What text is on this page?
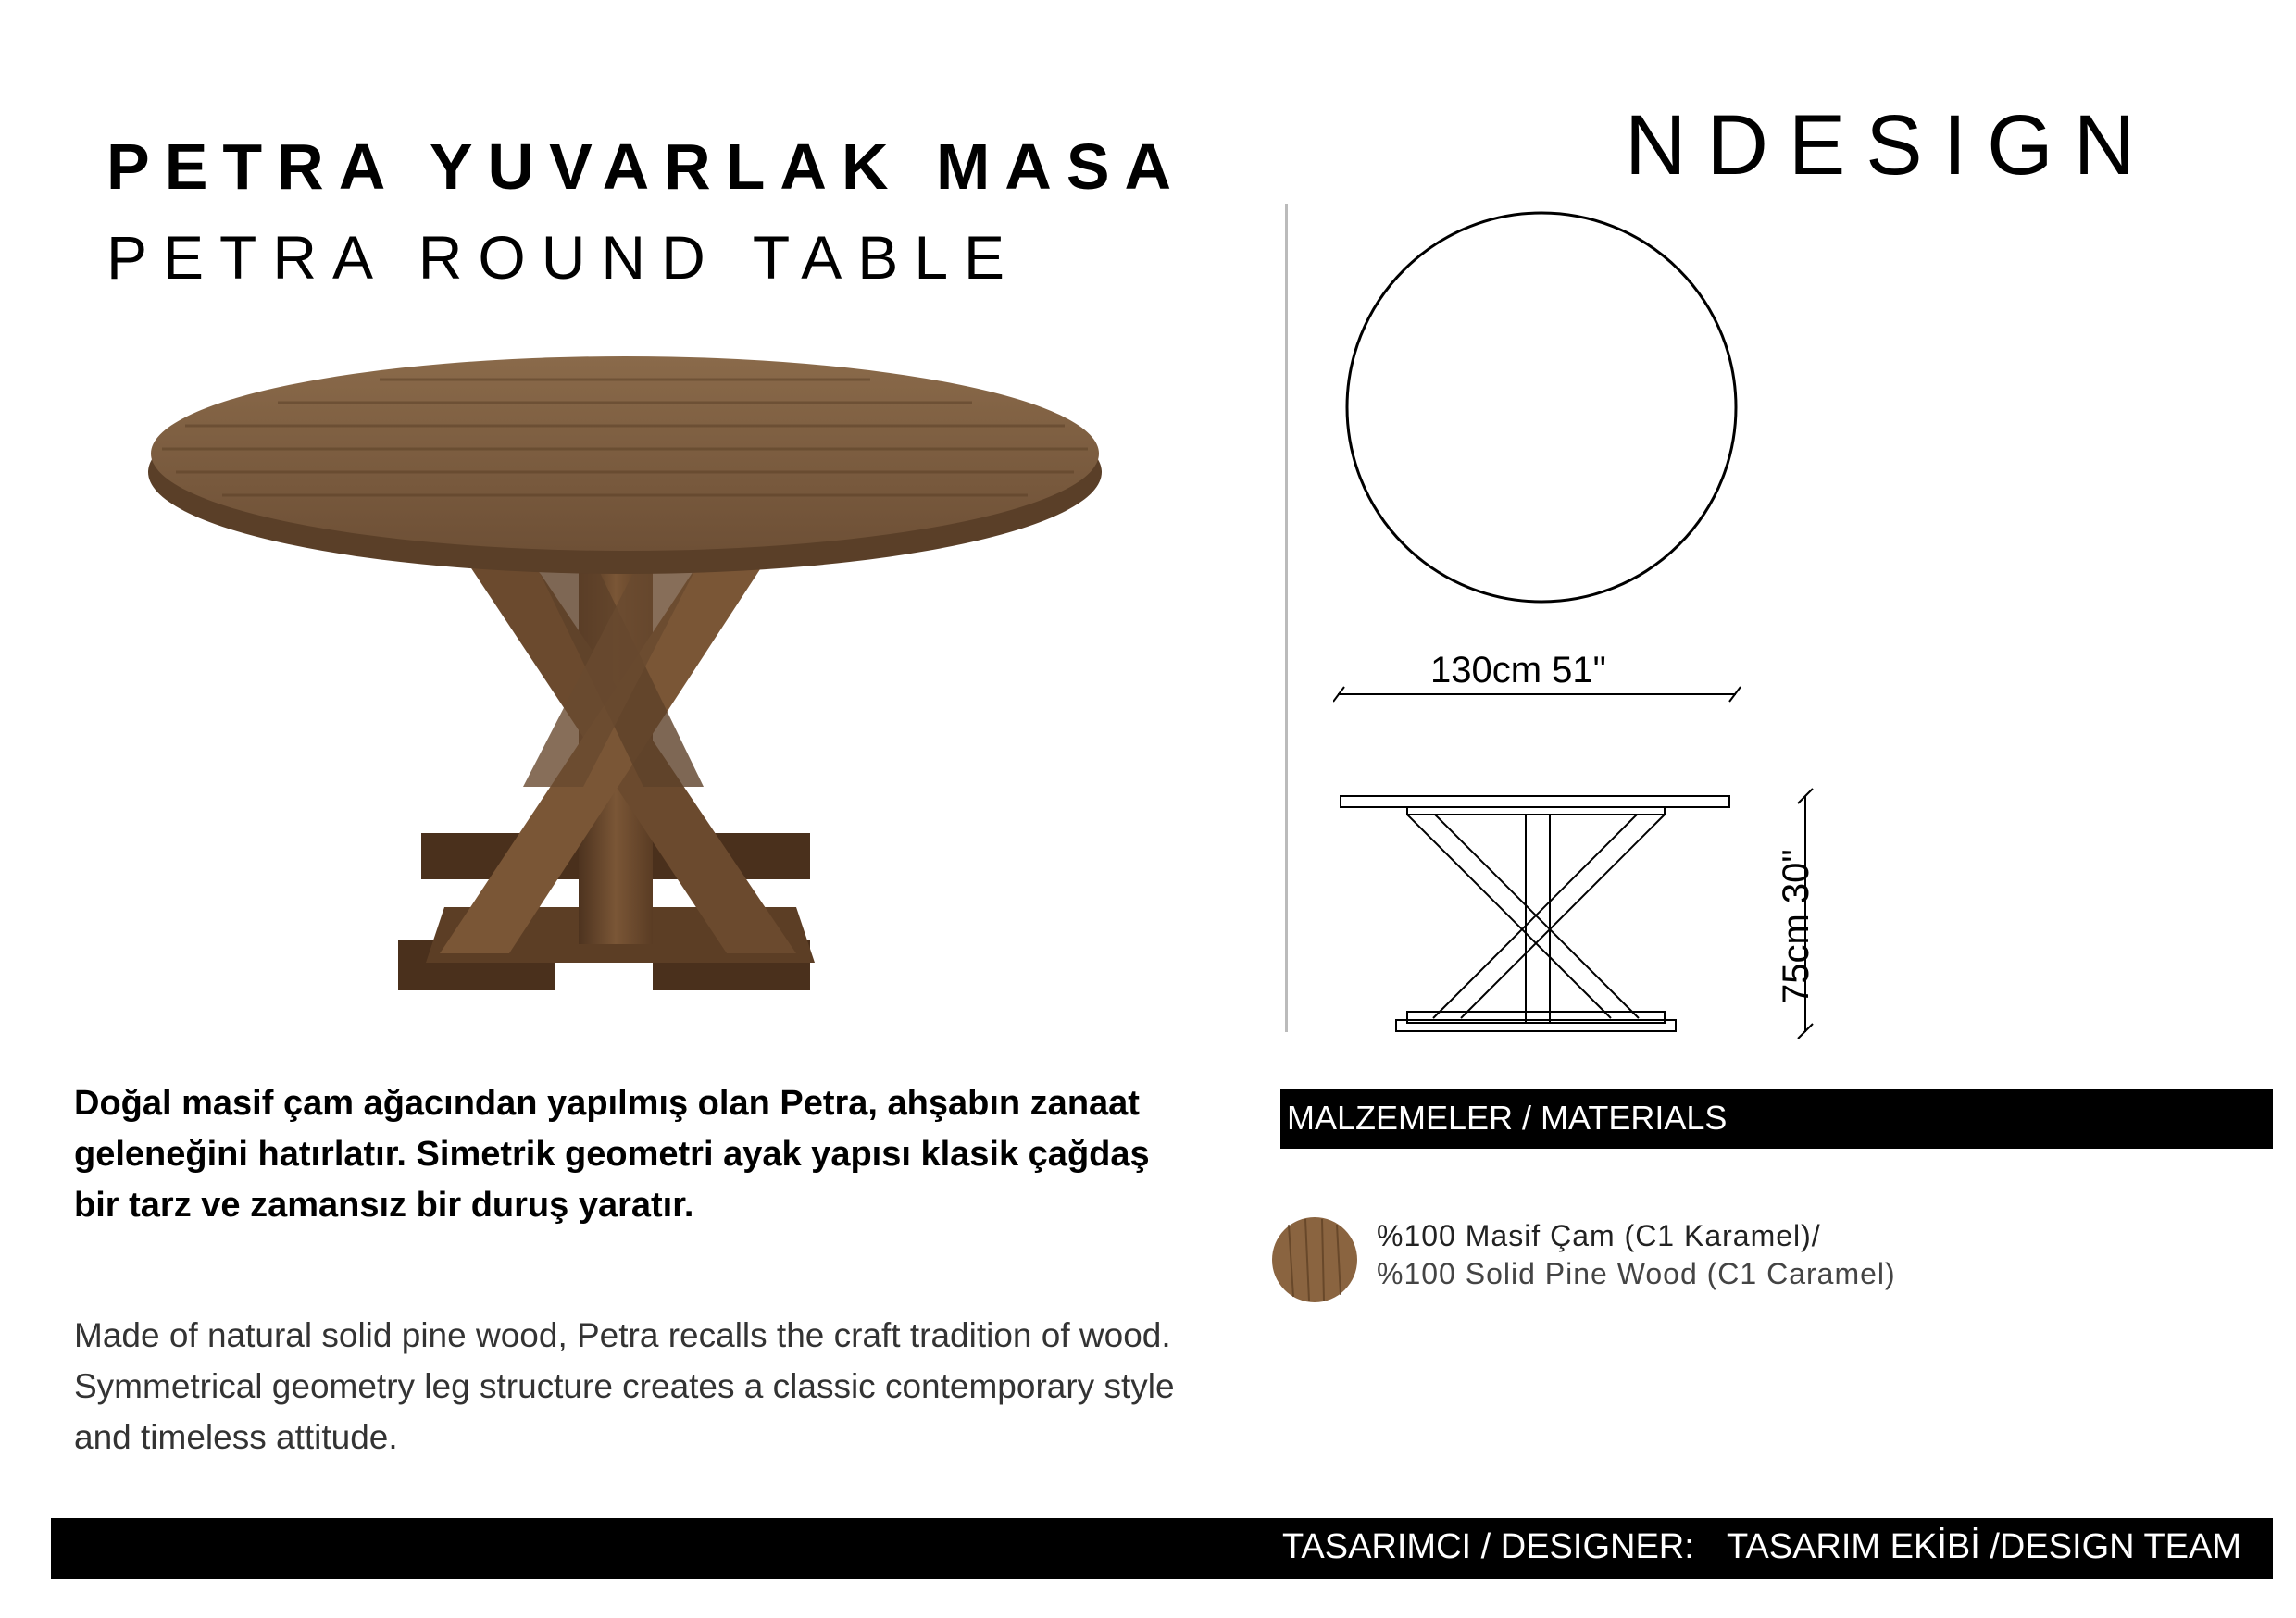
PETRA YUVARLAK MASA
PETRA ROUND TABLE
NDESIGN
130cm 51"
75cm 30"
Doğal masif çam ağacından yapılmış olan Petra, ahşabın zanaat geleneğini hatırlatır. Simetrik geometri ayak yapısı klasik çağdaş bir tarz ve zamansız bir duruş yaratır.
Made of natural solid pine wood, Petra recalls the craft tradition of wood. Symmetrical geometry leg structure creates a classic contemporary style and timeless attitude.
MALZEMELER / MATERIALS
%100 Masif Çam (C1 Karamel)/
%100 Solid Pine Wood (C1 Caramel)
TASARIMCI / DESIGNER: TASARIM EKİBİ /DESIGN TEAM
